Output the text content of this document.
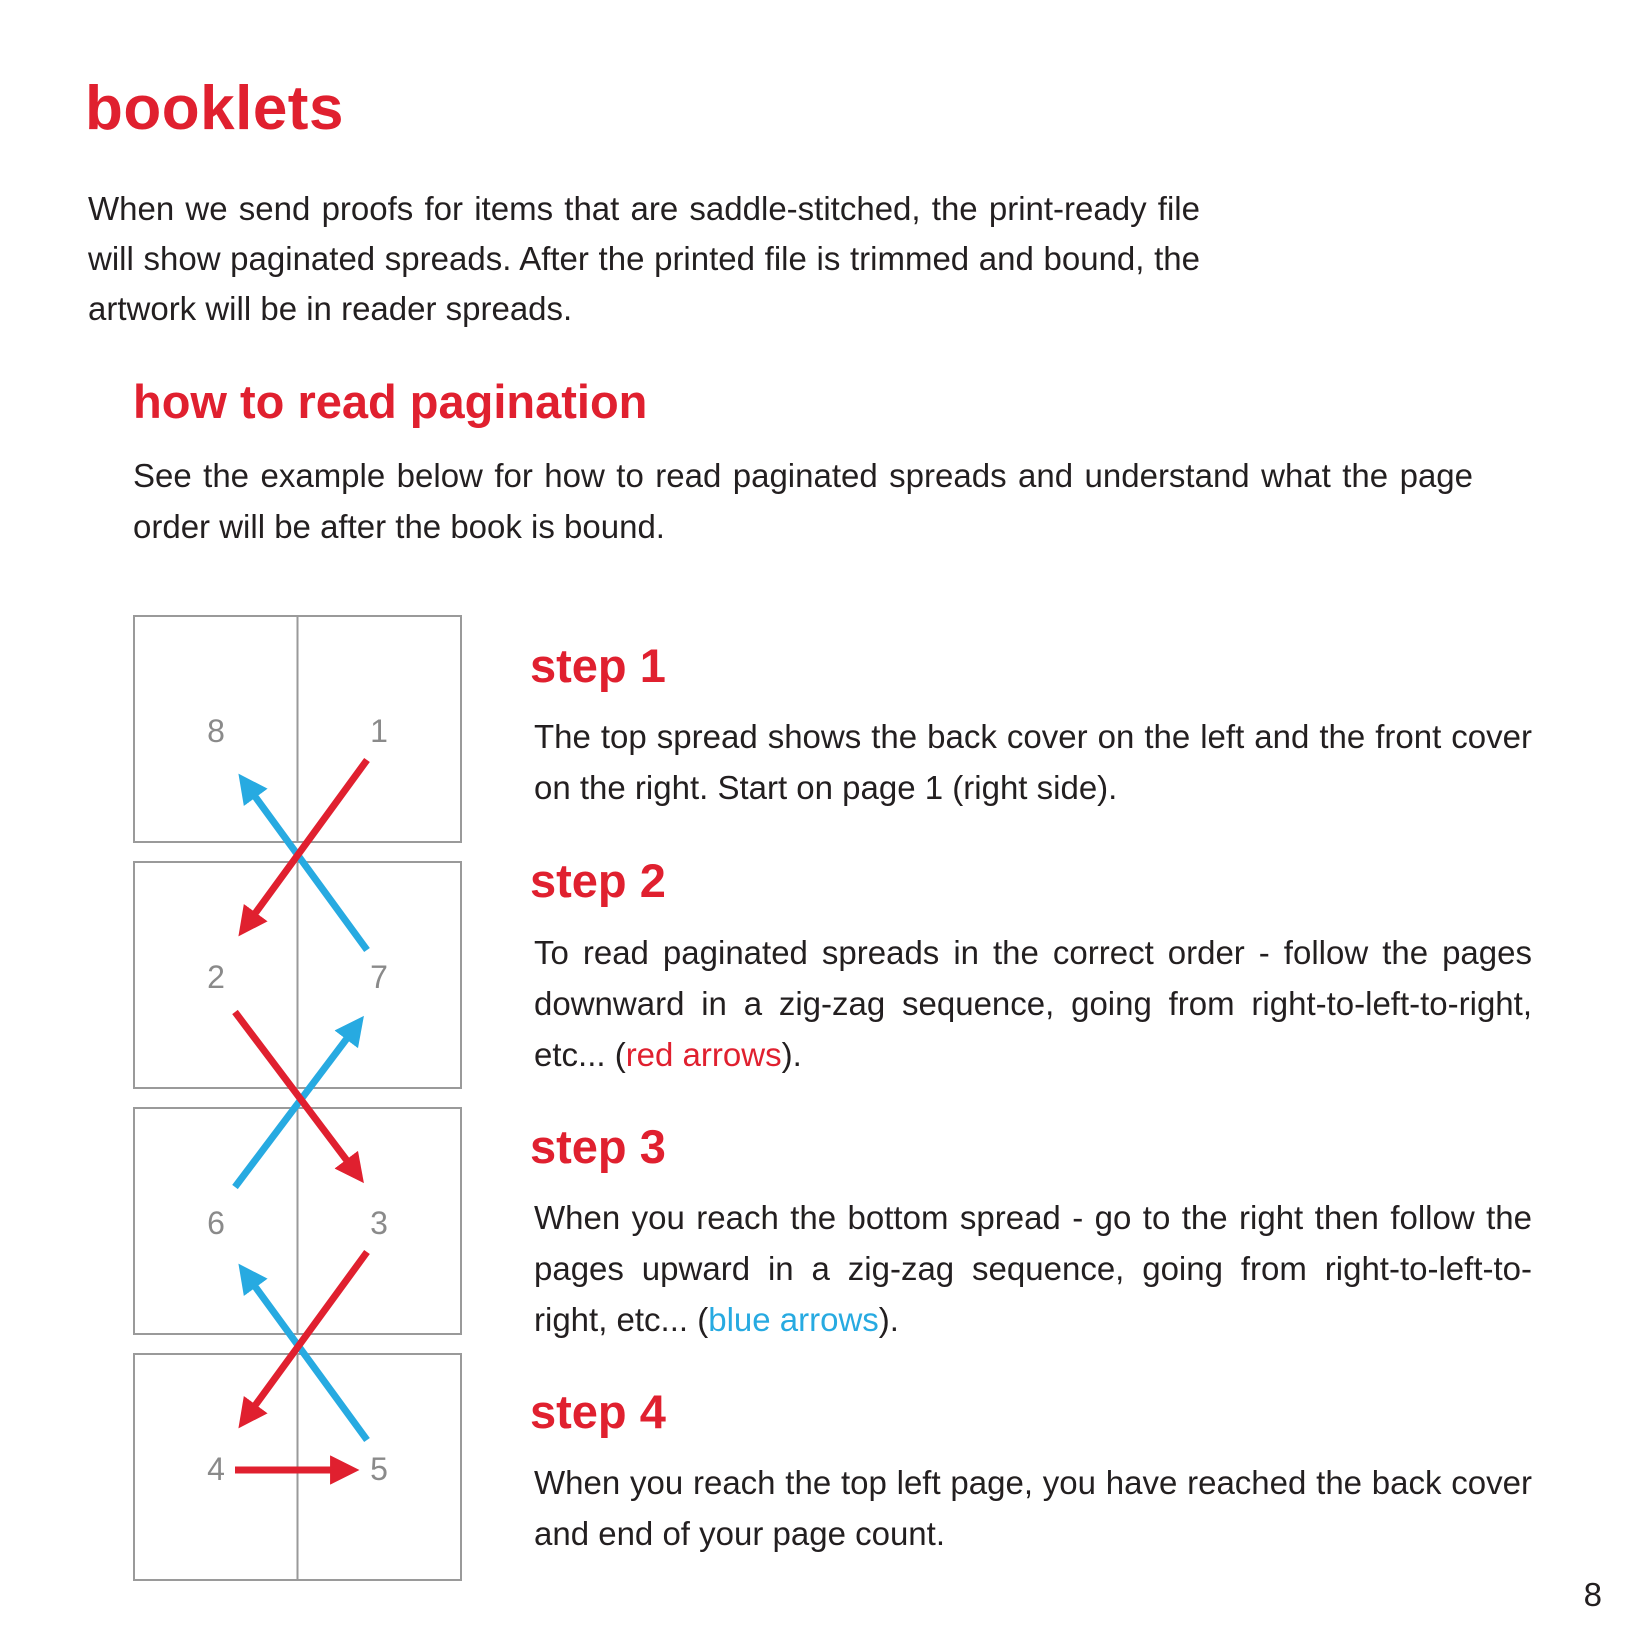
booklets

When we send proofs for items that are saddle-stitched, the print-ready file will show paginated spreads. After the printed file is trimmed and bound, the artwork will be in reader spreads.

how to read pagination

See the example below for how to read paginated spreads and understand what the page order will be after the book is bound.

8	1
2	7
6	3
4	5
step 1

The top spread shows the back cover on the left and the front cover on the right. Start on page 1 (right side).

step 2

To read paginated spreads in the correct order - follow the pages downward in a zig-zag sequence, going from right-to-left-to-right, etc... (red arrows).

step 3

When you reach the bottom spread - go to the right then follow the pages upward in a zig-zag sequence, going from right-to-left-to-right, etc... (blue arrows).

step 4

When you reach the top left page, you have reached the back cover and end of your page count.

8
